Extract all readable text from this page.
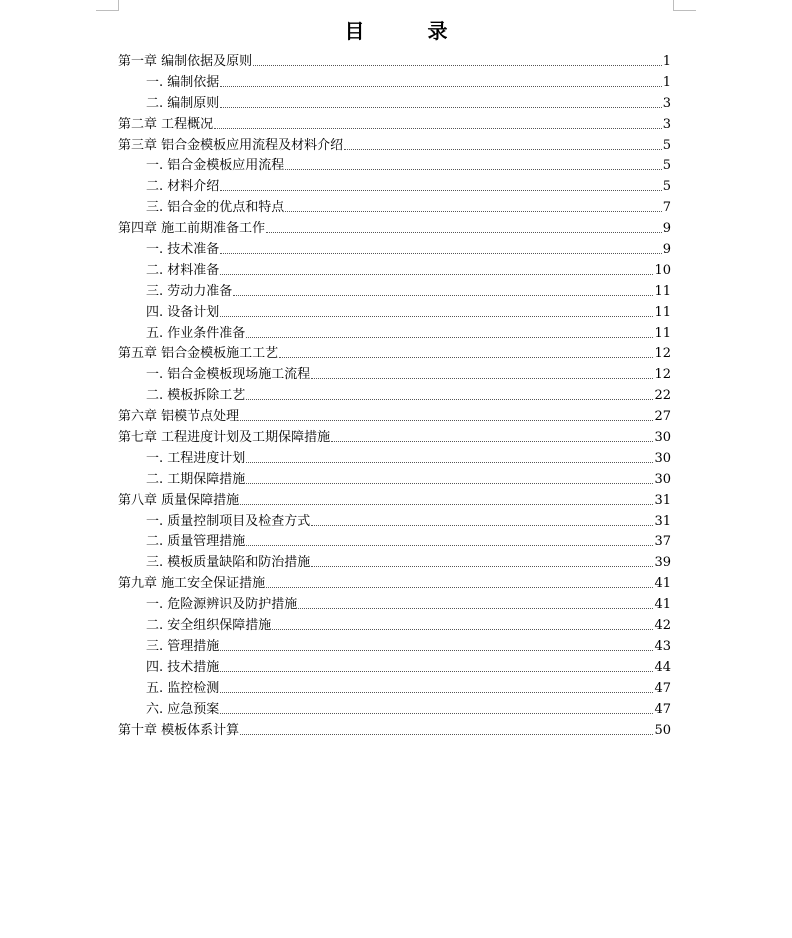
目 录
第一章 编制依据及原则	1
一. 编制依据	1
二. 编制原则	3
第二章 工程概况	3
第三章 铝合金模板应用流程及材料介绍	5
一. 铝合金模板应用流程	5
二. 材料介绍	5
三. 铝合金的优点和特点	7
第四章 施工前期准备工作	9
一. 技术准备	9
二. 材料准备	10
三. 劳动力准备	11
四. 设备计划	11
五. 作业条件准备	11
第五章 铝合金模板施工工艺	12
一. 铝合金模板现场施工流程	12
二. 模板拆除工艺	22
第六章 铝模节点处理	27
第七章 工程进度计划及工期保障措施	30
一. 工程进度计划	30
二. 工期保障措施	30
第八章 质量保障措施	31
一. 质量控制项目及检查方式	31
二. 质量管理措施	37
三. 模板质量缺陷和防治措施	39
第九章 施工安全保证措施	41
一. 危险源辨识及防护措施	41
二. 安全组织保障措施	42
三. 管理措施	43
四. 技术措施	44
五. 监控检测	47
六. 应急预案	47
第十章 模板体系计算	50
